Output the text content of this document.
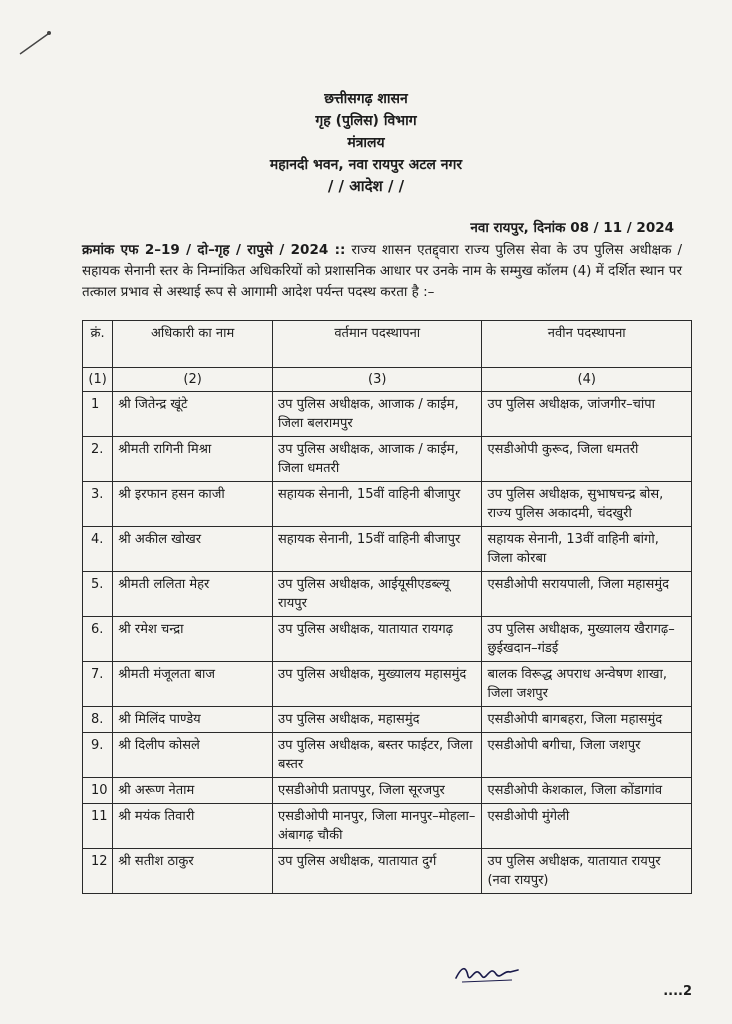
छत्तीसगढ़ शासन
गृह (पुलिस) विभाग
मंत्रालय
महानदी भवन, नवा रायपुर अटल नगर
/ / आदेश / /
नवा रायपुर, दिनांक 08 / 11 / 2024
क्रमांक एफ 2–19 / दो–गृह / रापुसे / 2024 :: राज्य शासन एतद्द्वारा राज्य पुलिस सेवा के उप पुलिस अधीक्षक / सहायक सेनानी स्तर के निम्नांकित अधिकरियों को प्रशासनिक आधार पर उनके नाम के सम्मुख कॉलम (4) में दर्शित स्थान पर तत्काल प्रभाव से अस्थाई रूप से आगामी आदेश पर्यन्त पदस्थ करता है :–
क्रं.	अधिकारी का नाम	वर्तमान पदस्थापना	नवीन पदस्थापना
(1)	(2)	(3)	(4)
1	श्री जितेन्द्र खूंटे	उप पुलिस अधीक्षक, आजाक / काईम, जिला बलरामपुर	उप पुलिस अधीक्षक, जांजगीर–चांपा
2.	श्रीमती रागिनी मिश्रा	उप पुलिस अधीक्षक, आजाक / काईम, जिला धमतरी	एसडीओपी कुरूद, जिला धमतरी
3.	श्री इरफान हसन काजी	सहायक सेनानी, 15वीं वाहिनी बीजापुर	उप पुलिस अधीक्षक, सुभाषचन्द्र बोस, राज्य पुलिस अकादमी, चंदखुरी
4.	श्री अकील खोखर	सहायक सेनानी, 15वीं वाहिनी बीजापुर	सहायक सेनानी, 13वीं वाहिनी बांगो, जिला कोरबा
5.	श्रीमती ललिता मेहर	उप पुलिस अधीक्षक, आईयूसीएडब्ल्यू रायपुर	एसडीओपी सरायपाली, जिला महासमुंद
6.	श्री रमेश चन्द्रा	उप पुलिस अधीक्षक, यातायात रायगढ़	उप पुलिस अधीक्षक, मुख्यालय खैरागढ़–छुईखदान–गंडई
7.	श्रीमती मंजूलता बाज	उप पुलिस अधीक्षक, मुख्यालय महासमुंद	बालक विरूद्ध अपराध अन्वेषण शाखा, जिला जशपुर
8.	श्री मिलिंद पाण्डेय	उप पुलिस अधीक्षक, महासमुंद	एसडीओपी बागबहरा, जिला महासमुंद
9.	श्री दिलीप कोसले	उप पुलिस अधीक्षक, बस्तर फाईटर, जिला बस्तर	एसडीओपी बगीचा, जिला जशपुर
10	श्री अरूण नेताम	एसडीओपी प्रतापपुर, जिला सूरजपुर	एसडीओपी केशकाल, जिला कोंडागांव
11	श्री मयंक तिवारी	एसडीओपी मानपुर, जिला मानपुर–मोहला–अंबागढ़ चौकी	एसडीओपी मुंगेली
12	श्री सतीश ठाकुर	उप पुलिस अधीक्षक, यातायात दुर्ग	उप पुलिस अधीक्षक, यातायात रायपुर (नवा रायपुर)
....2
